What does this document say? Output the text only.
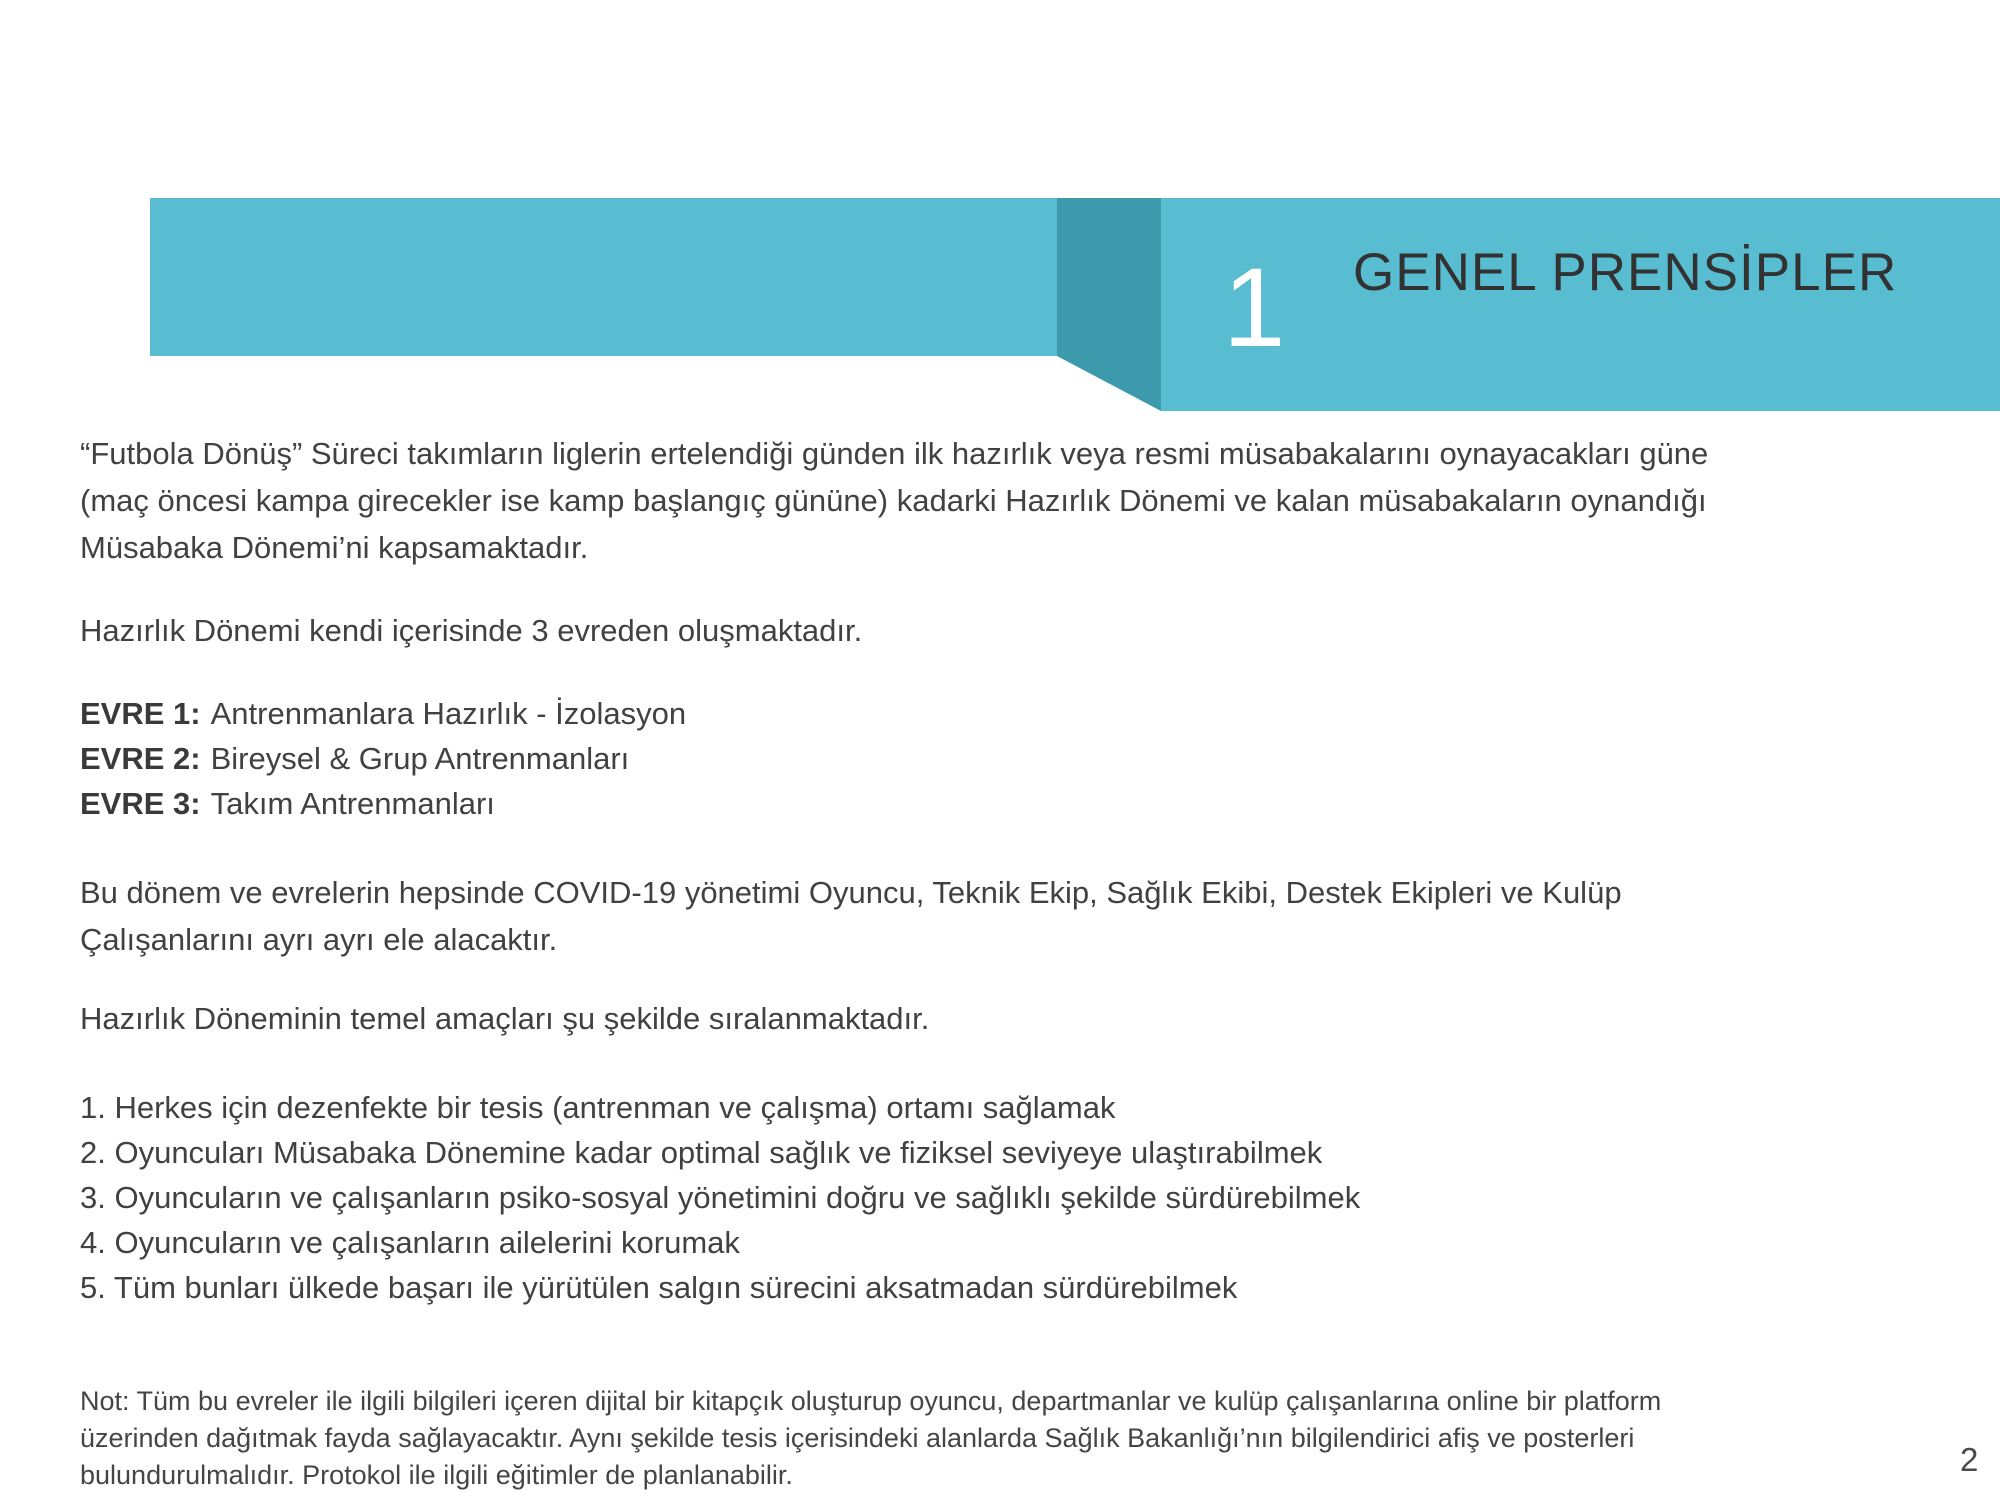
1 GENEL PRENSİPLER
“Futbola Dönüş” Süreci takımların liglerin ertelendiği günden ilk hazırlık veya resmi müsabakalarını oynayacakları güne
(maç öncesi kampa girecekler ise kamp başlangıç gününe) kadarki Hazırlık Dönemi ve kalan müsabakaların oynandığı
Müsabaka Dönemi’ni kapsamaktadır.
Hazırlık Dönemi kendi içerisinde 3 evreden oluşmaktadır.
EVRE 1: Antrenmanlara Hazırlık - İzolasyon
EVRE 2: Bireysel & Grup Antrenmanları
EVRE 3: Takım Antrenmanları
Bu dönem ve evrelerin hepsinde COVID-19 yönetimi Oyuncu, Teknik Ekip, Sağlık Ekibi, Destek Ekipleri ve Kulüp
Çalışanlarını ayrı ayrı ele alacaktır.
Hazırlık Döneminin temel amaçları şu şekilde sıralanmaktadır.
1. Herkes için dezenfekte bir tesis (antrenman ve çalışma) ortamı sağlamak
2. Oyuncuları Müsabaka Dönemine kadar optimal sağlık ve fiziksel seviyeye ulaştırabilmek
3. Oyuncuların ve çalışanların psiko-sosyal yönetimini doğru ve sağlıklı şekilde sürdürebilmek
4. Oyuncuların ve çalışanların ailelerini korumak
5. Tüm bunları ülkede başarı ile yürütülen salgın sürecini aksatmadan sürdürebilmek
Not: Tüm bu evreler ile ilgili bilgileri içeren dijital bir kitapçık oluşturup oyuncu, departmanlar ve kulüp çalışanlarına online bir platform
üzerinden dağıtmak fayda sağlayacaktır. Aynı şekilde tesis içerisindeki alanlarda Sağlık Bakanlığı’nın bilgilendirici afiş ve posterleri
bulundurulmalıdır. Protokol ile ilgili eğitimler de planlanabilir.	2
